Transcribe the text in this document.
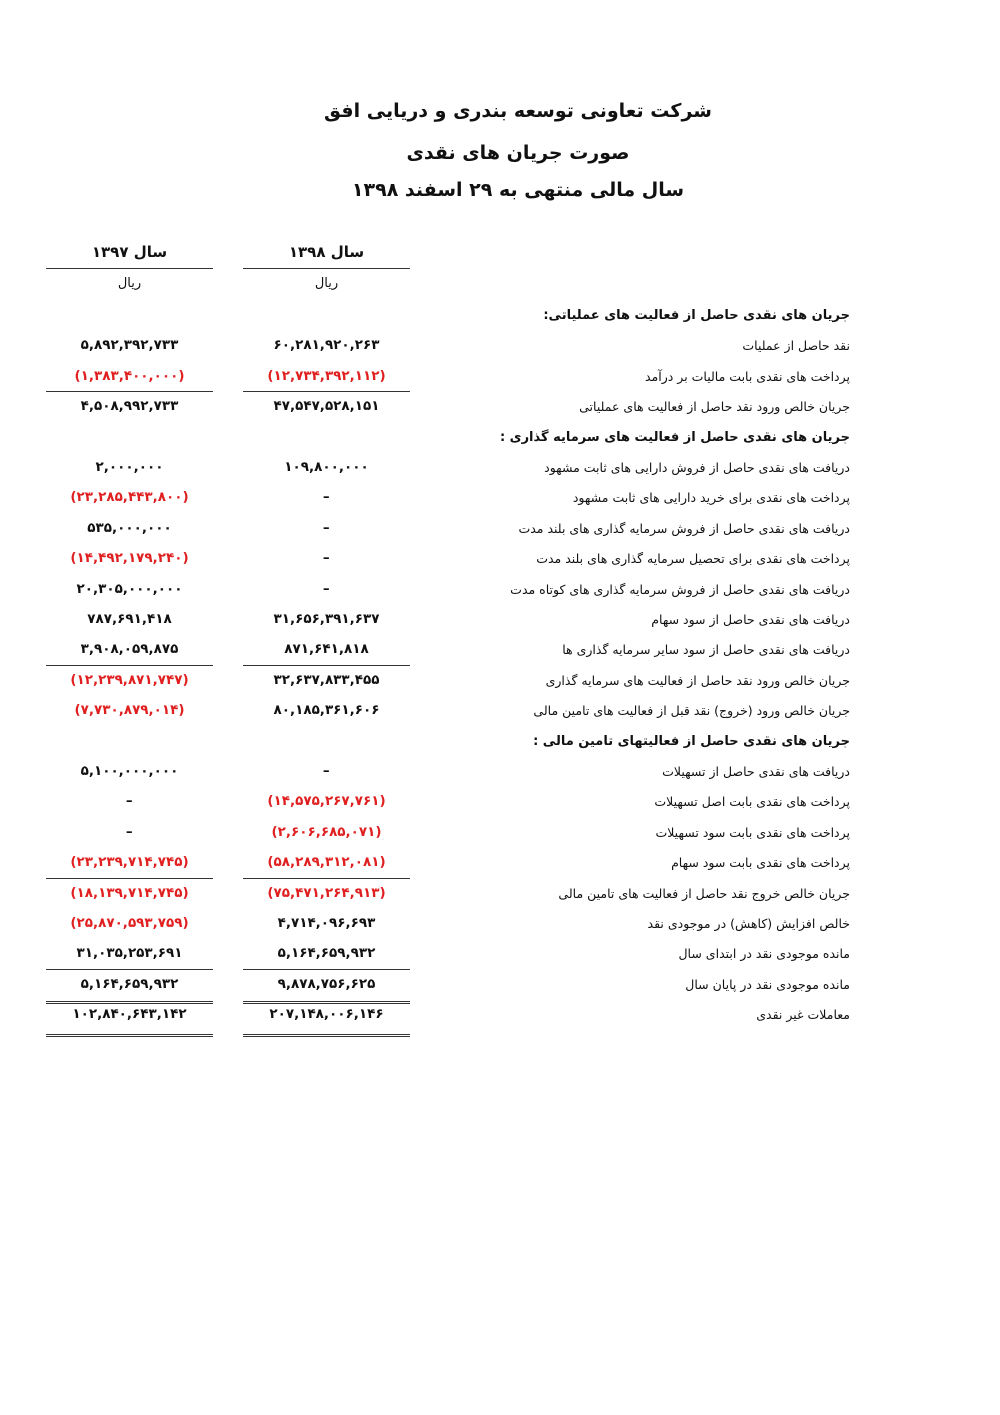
شرکت تعاونی توسعه بندری و دریایی افق
صورت جریان های نقدی
سال مالی منتهی به ۲۹ اسفند ۱۳۹۸
سال ۱۳۹۸
سال ۱۳۹۷
ریال
ریال
جریان های نقدی حاصل از فعالیت های عملیاتی:
نقد حاصل از عملیات
۶۰,۲۸۱,۹۲۰,۲۶۳
۵,۸۹۲,۳۹۲,۷۳۳
پرداخت های نقدی بابت مالیات بر درآمد
(۱۲,۷۳۴,۳۹۲,۱۱۲)
(۱,۳۸۳,۴۰۰,۰۰۰)
جریان خالص ورود نقد حاصل از فعالیت های عملیاتی
۴۷,۵۴۷,۵۲۸,۱۵۱
۴,۵۰۸,۹۹۲,۷۳۳
جریان های نقدی حاصل از فعالیت های سرمایه گذاری :
دریافت های نقدی حاصل از فروش دارایی های ثابت مشهود
۱۰۹,۸۰۰,۰۰۰
۲,۰۰۰,۰۰۰
پرداخت های نقدی برای خرید دارایی های ثابت مشهود
–
(۲۳,۲۸۵,۴۴۳,۸۰۰)
دریافت های نقدی حاصل از فروش سرمایه گذاری های بلند مدت
–
۵۳۵,۰۰۰,۰۰۰
پرداخت های نقدی برای تحصیل سرمایه گذاری های بلند مدت
–
(۱۴,۴۹۲,۱۷۹,۲۴۰)
دریافت های نقدی حاصل از فروش سرمایه گذاری های کوتاه مدت
–
۲۰,۳۰۵,۰۰۰,۰۰۰
دریافت های نقدی حاصل از سود سهام
۳۱,۶۵۶,۳۹۱,۶۳۷
۷۸۷,۶۹۱,۴۱۸
دریافت های نقدی حاصل از سود سایر سرمایه گذاری ها
۸۷۱,۶۴۱,۸۱۸
۳,۹۰۸,۰۵۹,۸۷۵
جریان خالص ورود نقد حاصل از فعالیت های سرمایه گذاری
۳۲,۶۳۷,۸۳۳,۴۵۵
(۱۲,۲۳۹,۸۷۱,۷۴۷)
جریان خالص ورود (خروج) نقد قبل از فعالیت های تامین مالی
۸۰,۱۸۵,۳۶۱,۶۰۶
(۷,۷۳۰,۸۷۹,۰۱۴)
جریان های نقدی حاصل از فعالیتهای تامین مالی :
دریافت های نقدی حاصل از تسهیلات
–
۵,۱۰۰,۰۰۰,۰۰۰
پرداخت های نقدی بابت اصل تسهیلات
(۱۴,۵۷۵,۲۶۷,۷۶۱)
–
پرداخت های نقدی بابت سود تسهیلات
(۲,۶۰۶,۶۸۵,۰۷۱)
–
پرداخت های نقدی بابت سود سهام
(۵۸,۲۸۹,۳۱۲,۰۸۱)
(۲۳,۲۳۹,۷۱۴,۷۴۵)
جریان خالص خروج نقد حاصل از فعالیت های تامین مالی
(۷۵,۴۷۱,۲۶۴,۹۱۳)
(۱۸,۱۳۹,۷۱۴,۷۴۵)
خالص افزایش (کاهش) در موجودی نقد
۴,۷۱۴,۰۹۶,۶۹۳
(۲۵,۸۷۰,۵۹۳,۷۵۹)
مانده موجودی نقد در ابتدای سال
۵,۱۶۴,۶۵۹,۹۳۲
۳۱,۰۳۵,۲۵۳,۶۹۱
مانده موجودی نقد در پایان سال
۹,۸۷۸,۷۵۶,۶۲۵
۵,۱۶۴,۶۵۹,۹۳۲
معاملات غیر نقدی
۲۰۷,۱۴۸,۰۰۶,۱۴۶
۱۰۲,۸۴۰,۶۴۳,۱۴۲
